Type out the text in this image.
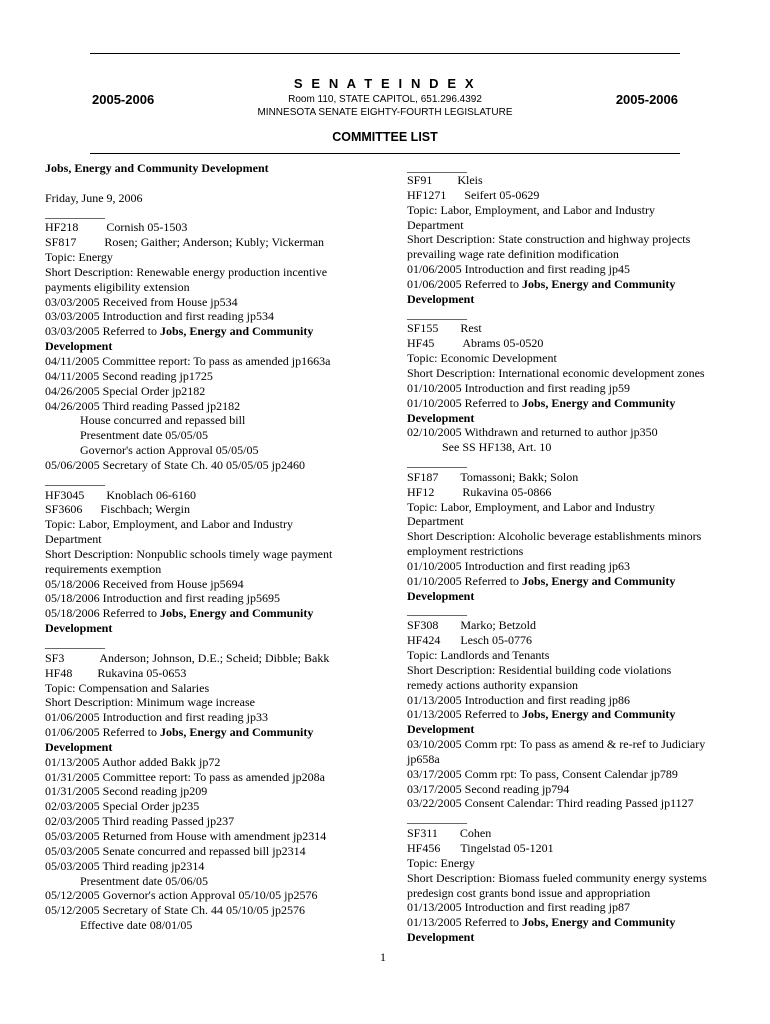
S E N A T E I N D E X
2005-2006	2005-2006
Room 110, STATE CAPITOL, 651.296.4392
MINNESOTA SENATE EIGHTY-FOURTH LEGISLATURE
COMMITTEE LIST
Jobs, Energy and Community Development
Friday, June 9, 2006
__________
HF218 Cornish 05-1503
SF817 Rosen; Gaither; Anderson; Kubly; Vickerman
Topic: Energy
Short Description: Renewable energy production incentive
payments eligibility extension
03/03/2005 Received from House jp534
03/03/2005 Introduction and first reading jp534
03/03/2005 Referred to Jobs, Energy and Community
Development
04/11/2005 Committee report: To pass as amended jp1663a
04/11/2005 Second reading jp1725
04/26/2005 Special Order jp2182
04/26/2005 Third reading Passed jp2182
House concurred and repassed bill
Presentment date 05/05/05
Governor's action Approval 05/05/05
05/06/2005 Secretary of State Ch. 40 05/05/05 jp2460
__________
HF3045 Knoblach 06-6160
SF3606 Fischbach; Wergin
Topic: Labor, Employment, and Labor and Industry
Department
Short Description: Nonpublic schools timely wage payment
requirements exemption
05/18/2006 Received from House jp5694
05/18/2006 Introduction and first reading jp5695
05/18/2006 Referred to Jobs, Energy and Community
Development
__________
SF3	Anderson; Johnson, D.E.; Scheid; Dibble; Bakk
HF48 Rukavina 05-0653
Topic: Compensation and Salaries
Short Description: Minimum wage increase
01/06/2005 Introduction and first reading jp33
01/06/2005 Referred to Jobs, Energy and Community
Development
01/13/2005 Author added Bakk jp72
01/31/2005 Committee report: To pass as amended jp208a
01/31/2005 Second reading jp209
02/03/2005 Special Order jp235
02/03/2005 Third reading Passed jp237
05/03/2005 Returned from House with amendment jp2314
05/03/2005 Senate concurred and repassed bill jp2314
05/03/2005 Third reading jp2314
Presentment date 05/06/05
05/12/2005 Governor's action Approval 05/10/05 jp2576
05/12/2005 Secretary of State Ch. 44 05/10/05 jp2576
Effective date 08/01/05
__________
SF91 Kleis
HF1271 Seifert 05-0629
Topic: Labor, Employment, and Labor and Industry
Department
Short Description: State construction and highway projects
prevailing wage rate definition modification
01/06/2005 Introduction and first reading jp45
01/06/2005 Referred to Jobs, Energy and Community
Development
__________
SF155 Rest
HF45 Abrams 05-0520
Topic: Economic Development
Short Description: International economic development zones
01/10/2005 Introduction and first reading jp59
01/10/2005 Referred to Jobs, Energy and Community
Development
02/10/2005 Withdrawn and returned to author jp350
See SS HF138, Art. 10
__________
SF187 Tomassoni; Bakk; Solon
HF12 Rukavina 05-0866
Topic: Labor, Employment, and Labor and Industry
Department
Short Description: Alcoholic beverage establishments minors
employment restrictions
01/10/2005 Introduction and first reading jp63
01/10/2005 Referred to Jobs, Energy and Community
Development
__________
SF308 Marko; Betzold
HF424 Lesch 05-0776
Topic: Landlords and Tenants
Short Description: Residential building code violations
remedy actions authority expansion
01/13/2005 Introduction and first reading jp86
01/13/2005 Referred to Jobs, Energy and Community
Development
03/10/2005 Comm rpt: To pass as amend & re-ref to Judiciary
jp658a
03/17/2005 Comm rpt: To pass, Consent Calendar jp789
03/17/2005 Second reading jp794
03/22/2005 Consent Calendar: Third reading Passed jp1127
__________
SF311 Cohen
HF456 Tingelstad 05-1201
Topic: Energy
Short Description: Biomass fueled community energy systems
predesign cost grants bond issue and appropriation
01/13/2005 Introduction and first reading jp87
01/13/2005 Referred to Jobs, Energy and Community
Development
1
